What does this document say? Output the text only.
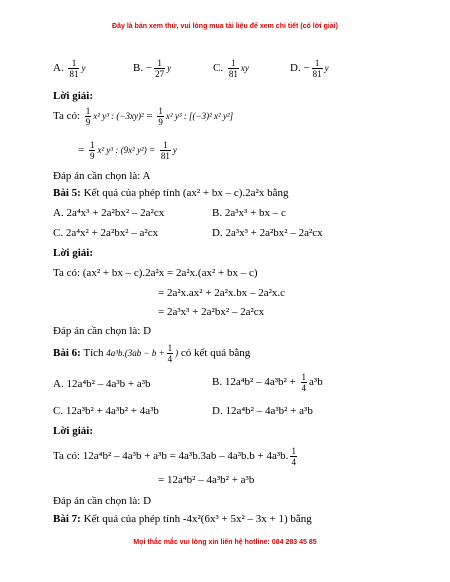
Đây là bản xem thử, vui lòng mua tài liệu để xem chi tiết (có lời giải)
A. $\frac{1}{81}$ y	B. − $\frac{1}{27}$ y	C. $\frac{1}{81}$ xy	D. − $\frac{1}{81}$ y
Lời giải:
Ta có: $\frac{1}{9} x^2$ y³ : $(-3xy)^2 = \frac{1}{9} x^2$ y³ : [(−3)² x² y²]
= $\frac{1}{9} x^2$ y³ : (9x² $y^2) = \frac{1}{81}$ y
Đáp án cần chọn là: A
Bài 5: Kết quả của phép tính (ax² + bx – c).2a²x bằng
A. 2a⁴x³ + 2a²bx² – 2a²cx	B. 2a³x³ + bx – c
C. 2a⁴x² + 2a²bx² – a²cx	D. 2a³x³ + 2a²bx² – 2a²cx
Lời giải:
Ta có: (ax² + bx – c).2a²x = 2a²x.(ax² + bx – c)
= 2a²x.ax² + 2a²x.bx – 2a²x.c
= 2a³x³ + 2a²bx² – 2a²cx
Đáp án cần chọn là: D
Bài 6: Tích $4a^3b.(3ab - b + \frac{1}{4}$ ) có kết quả bằng
A. 12a⁴b² – 4a³b + a³b	B. $12a^4b^2 - 4a^3b^2 + \frac{1}{4} a^3b$
C. 12a³b² + 4a³b² + 4a³b	D. 12a⁴b² – 4a³b² + a³b
Lời giải:
Ta có: 12a⁴b² – 4a³b + a³b = 4a³b.3ab – 4a³b.b + 4a³b. $\frac{1}{4}$
= 12a⁴b² – 4a³b² + a³b
Đáp án cần chọn là: D
Bài 7: Kết quả của phép tính -4x²(6x³ + 5x² – 3x + 1) bằng
Mọi thắc mắc vui lòng xin liên hệ hotline: 084 283 45 85
